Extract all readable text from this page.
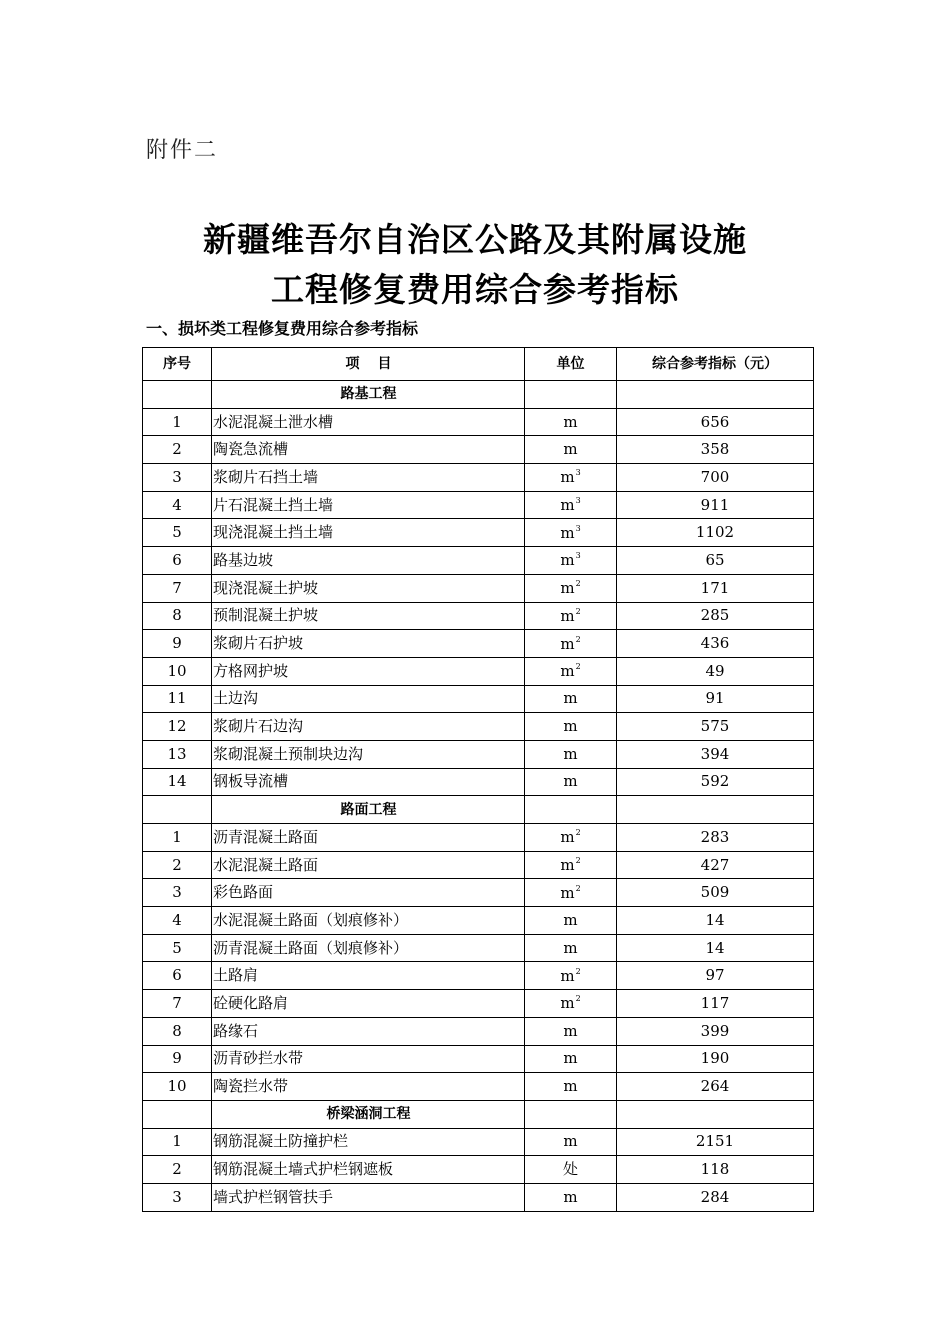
附件二
新疆维吾尔自治区公路及其附属设施
工程修复费用综合参考指标
一、损坏类工程修复费用综合参考指标
序号	项目	单位	综合参考指标（元）
	路基工程		
1	水泥混凝土泄水槽	m	656
2	陶瓷急流槽	m	358
3	浆砌片石挡土墙	$m^3$	700
4	片石混凝土挡土墙	$m^3$	911
5	现浇混凝土挡土墙	$m^3$	1102
6	路基边坡	$m^3$	65
7	现浇混凝土护坡	$m^2$	171
8	预制混凝土护坡	$m^2$	285
9	浆砌片石护坡	$m^2$	436
10	方格网护坡	$m^2$	49
11	土边沟	m	91
12	浆砌片石边沟	m	575
13	浆砌混凝土预制块边沟	m	394
14	钢板导流槽	m	592
	路面工程		
1	沥青混凝土路面	$m^2$	283
2	水泥混凝土路面	$m^2$	427
3	彩色路面	$m^2$	509
4	水泥混凝土路面（划痕修补）	m	14
5	沥青混凝土路面（划痕修补）	m	14
6	土路肩	$m^2$	97
7	砼硬化路肩	$m^2$	117
8	路缘石	m	399
9	沥青砂拦水带	m	190
10	陶瓷拦水带	m	264
	桥梁涵洞工程		
1	钢筋混凝土防撞护栏	m	2151
2	钢筋混凝土墙式护栏钢遮板	处	118
3	墙式护栏钢管扶手	m	284
